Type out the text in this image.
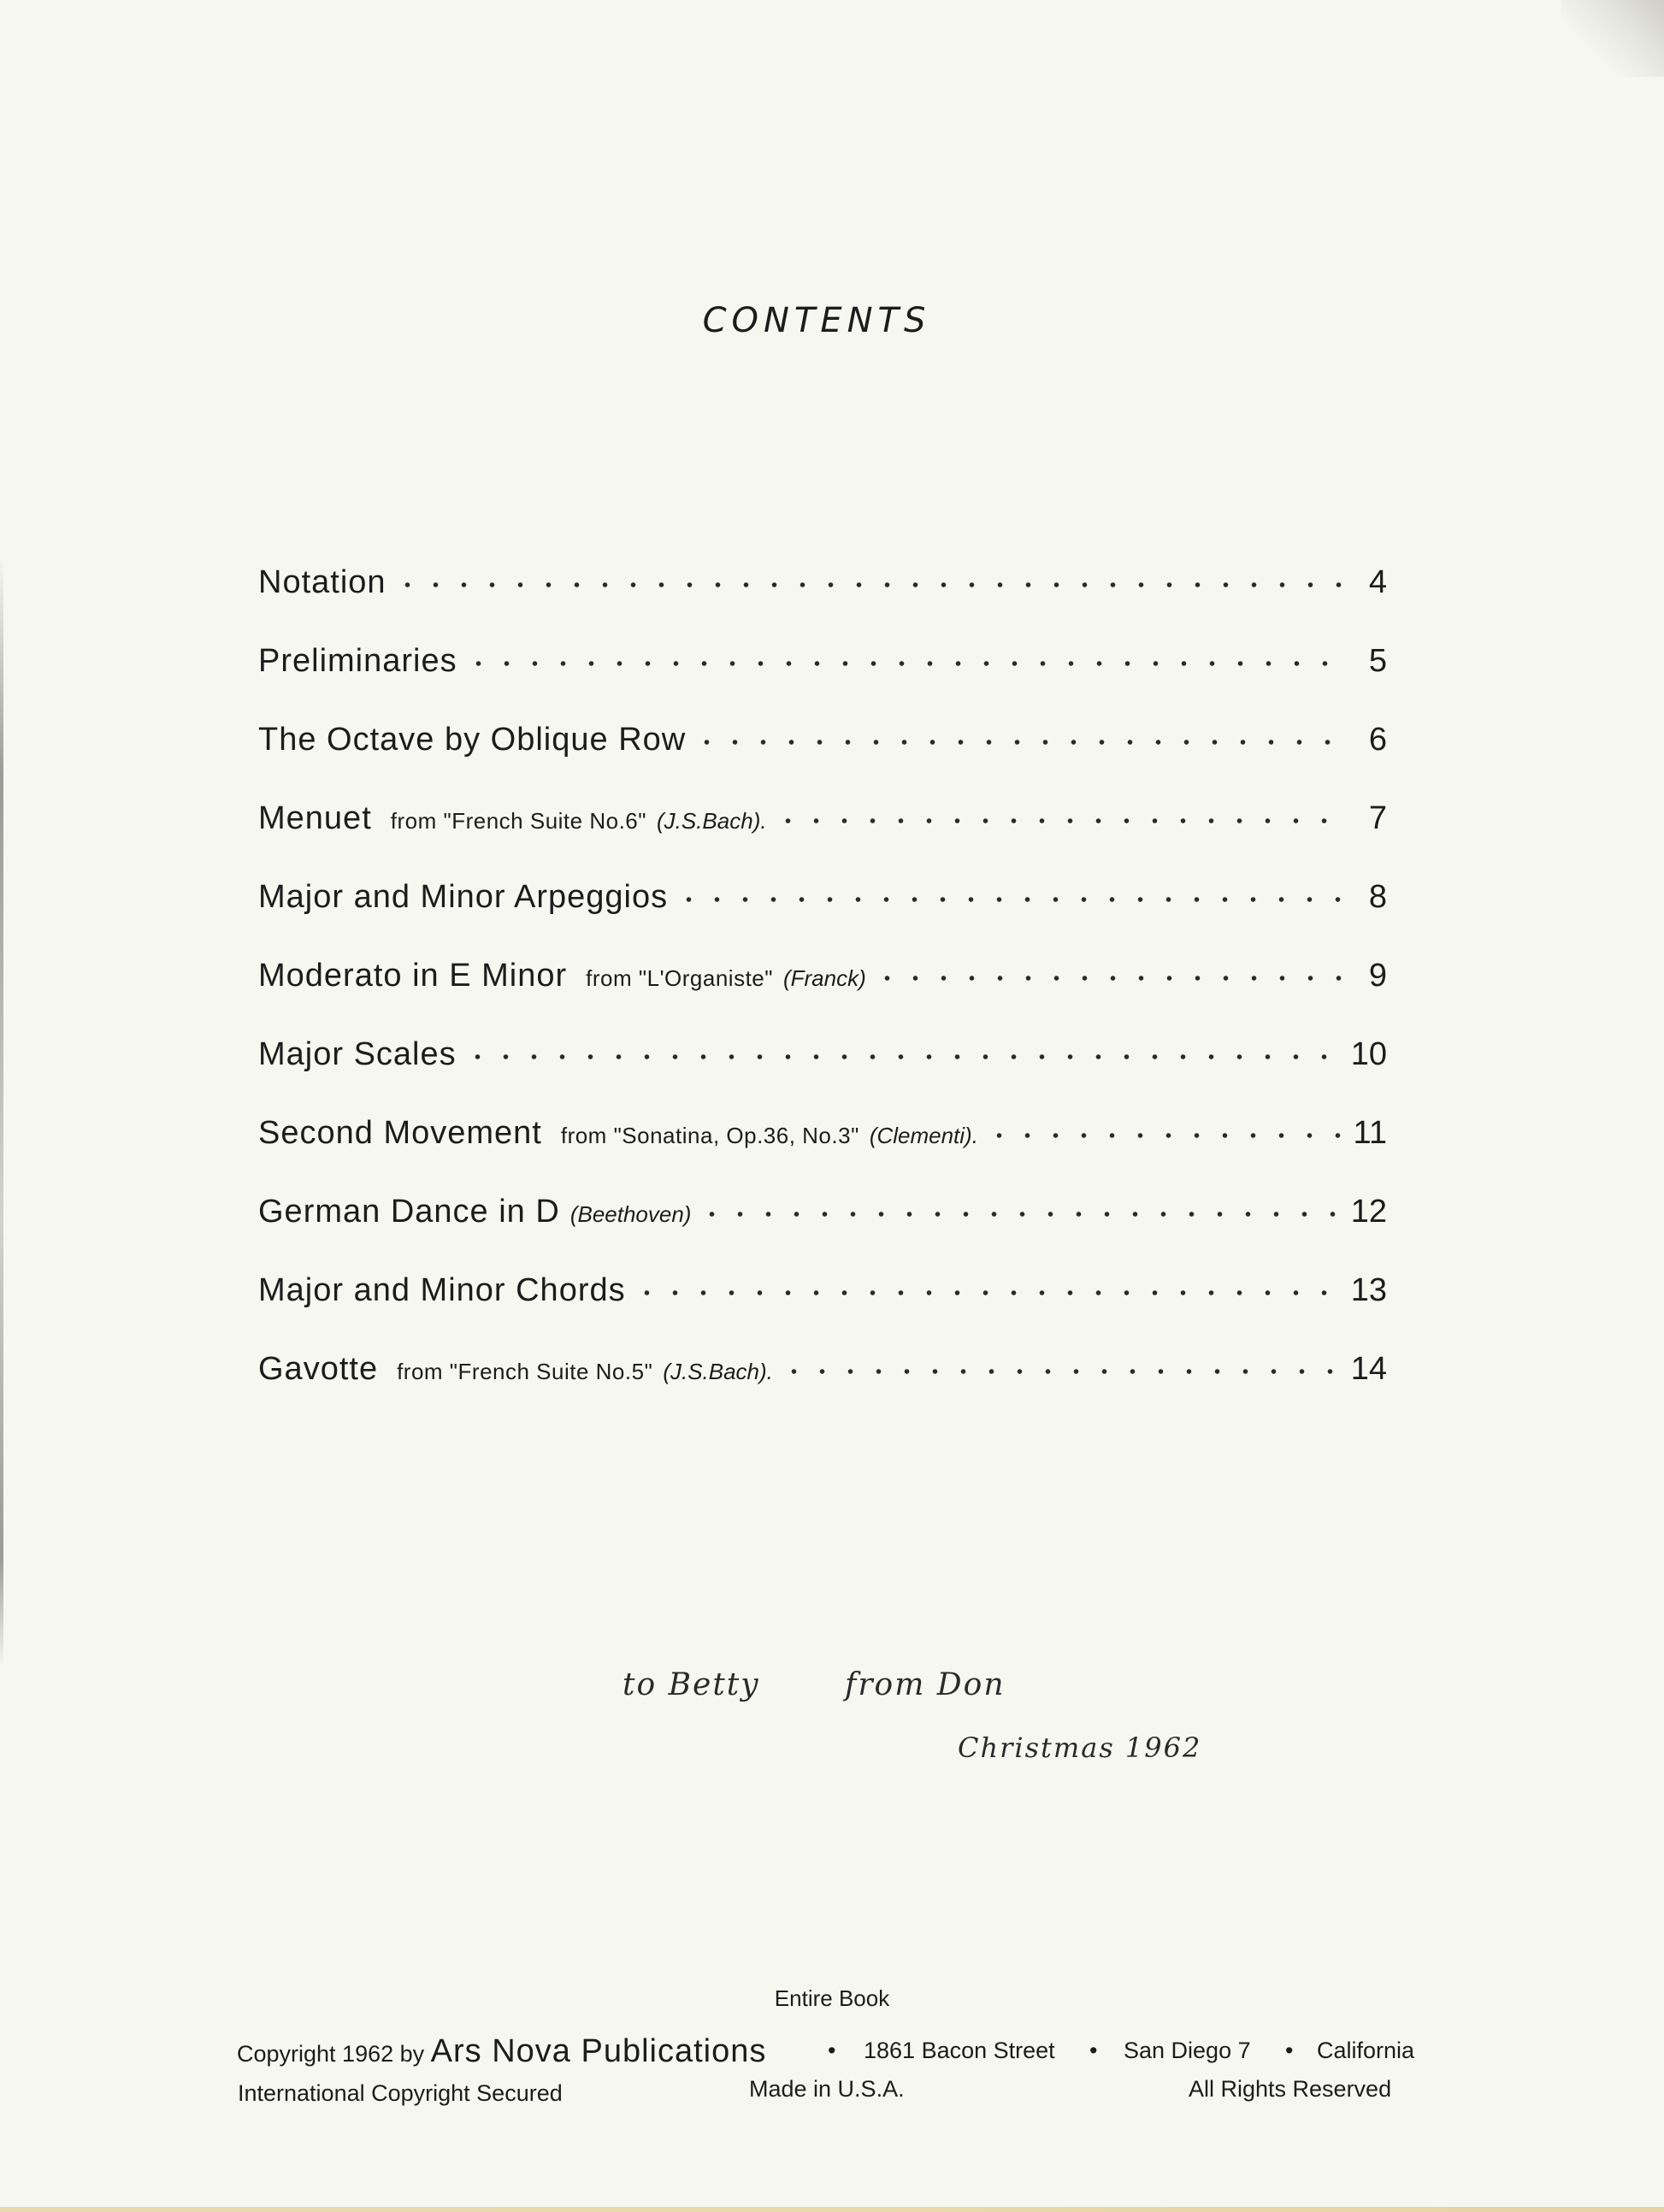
CONTENTS
Notation	4
Preliminaries	5
The Octave by Oblique Row	6
Menuet from "French Suite No.6" (J.S.Bach).	7
Major and Minor Arpeggios	8
Moderato in E Minor from "L'Organiste" (Franck)	9
Major Scales	10
Second Movement from "Sonatina, Op.36, No.3" (Clementi).	11
German Dance in D (Beethoven)	12
Major and Minor Chords	13
Gavotte from "French Suite No.5" (J.S.Bach).	14
to Betty	from Don
Christmas 1962
Entire Book
Copyright 1962 by Ars Nova Publications	• 1861 Bacon Street • San Diego 7 • California
International Copyright Secured	Made in U.S.A.	All Rights Reserved
